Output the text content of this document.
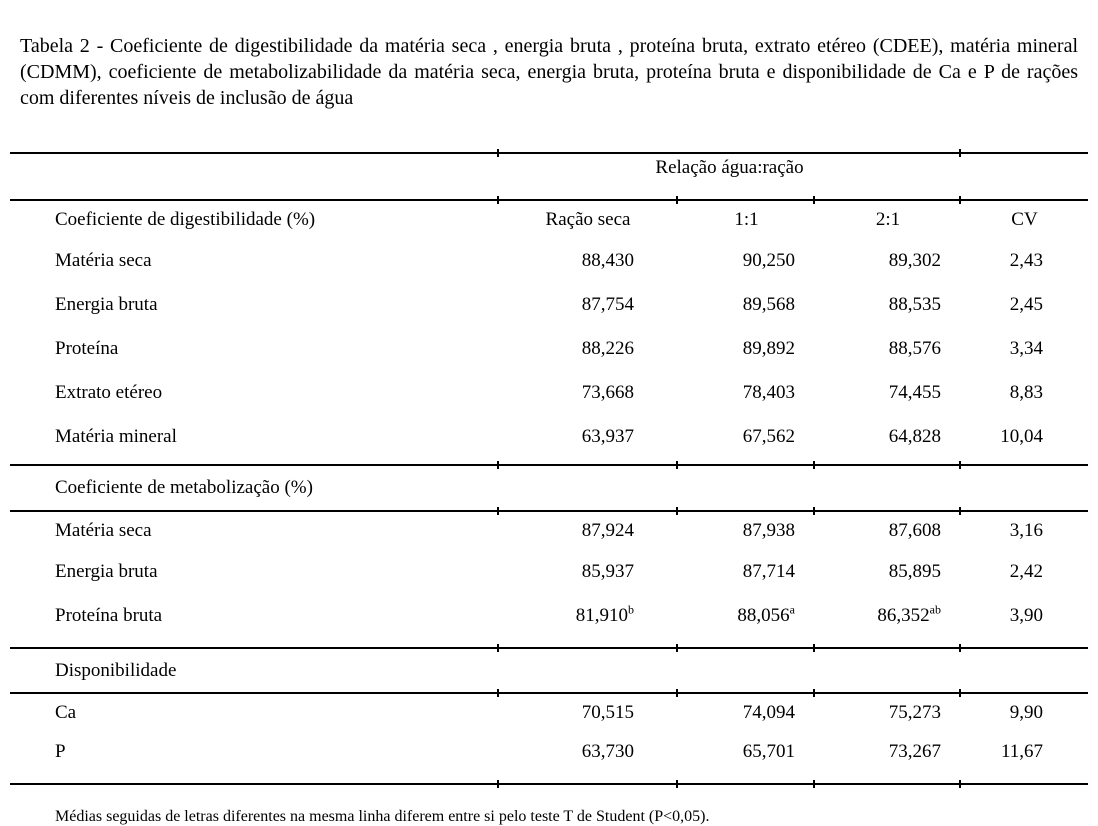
Tabela 2 - Coeficiente de digestibilidade da matéria seca , energia bruta , proteína bruta, extrato etéreo (CDEE), matéria mineral (CDMM), coeficiente de metabolizabilidade da matéria seca, energia bruta, proteína bruta e disponibilidade de Ca e P de rações com diferentes níveis de inclusão de água

Relação água:ração
Coeficiente de digestibilidade (%)	Ração seca	1:1	2:1	CV
Matéria seca	88,430	90,250	89,302	2,43
Energia bruta	87,754	89,568	88,535	2,45
Proteína	88,226	89,892	88,576	3,34
Extrato etéreo	73,668	78,403	74,455	8,83
Matéria mineral	63,937	67,562	64,828	10,04
Coeficiente de metabolização (%)
Matéria seca	87,924	87,938	87,608	3,16
Energia bruta	85,937	87,714	85,895	2,42
Proteína bruta	81,910$^b$	88,056$^a$	86,352$^{ab}$	3,90
Disponibilidade
Ca	70,515	74,094	75,273	9,90
P	63,730	65,701	73,267	11,67

Médias seguidas de letras diferentes na mesma linha diferem entre si pelo teste T de Student (P<0,05).
